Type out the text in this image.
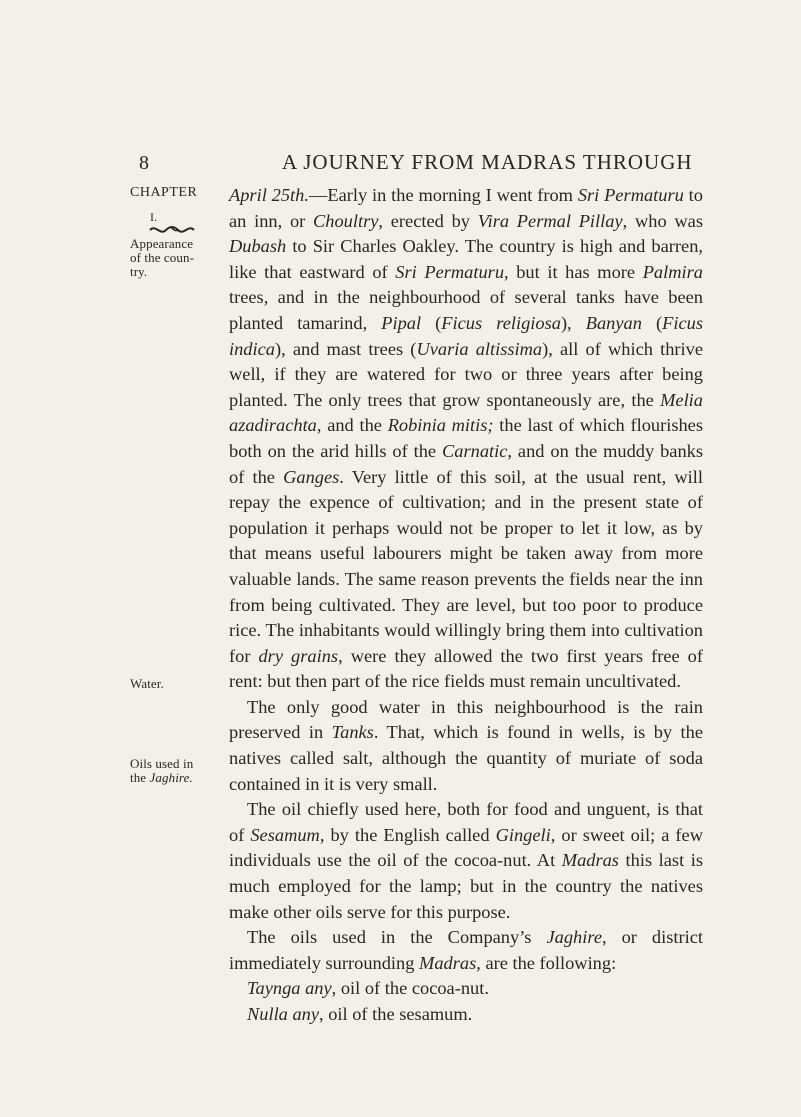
8	A JOURNEY FROM MADRAS THROUGH
CHAPTER
I.
Appearance of the coun- try.
Water.
Oils used in the Jaghire.

April 25th.—Early in the morning I went from Sri Permaturu to an inn, or Choultry, erected by Vira Permal Pillay, who was Dubash to Sir Charles Oakley. The country is high and barren, like that eastward of Sri Permaturu, but it has more Palmira trees, and in the neighbourhood of several tanks have been planted tamarind, Pipal (Ficus religiosa), Banyan (Ficus indica), and mast trees (Uvaria altissima), all of which thrive well, if they are watered for two or three years after being planted. The only trees that grow spontaneously are, the Melia azadirachta, and the Robinia mitis; the last of which flourishes both on the arid hills of the Carnatic, and on the muddy banks of the Ganges. Very little of this soil, at the usual rent, will repay the expence of cultivation; and in the present state of population it perhaps would not be proper to let it low, as by that means useful labourers might be taken away from more valuable lands. The same reason prevents the fields near the inn from being cultivated. They are level, but too poor to produce rice. The inhabitants would willingly bring them into cultivation for dry grains, were they allowed the two first years free of rent: but then part of the rice fields must remain uncultivated.

The only good water in this neighbourhood is the rain preserved in Tanks. That, which is found in wells, is by the natives called salt, although the quantity of muriate of soda contained in it is very small.

The oil chiefly used here, both for food and unguent, is that of Sesamum, by the English called Gingeli, or sweet oil; a few individuals use the oil of the cocoa-nut. At Madras this last is much employed for the lamp; but in the country the natives make other oils serve for this purpose.

The oils used in the Company’s Jaghire, or district immediately surrounding Madras, are the following:

Taynga any, oil of the cocoa-nut.

Nulla any, oil of the sesamum.
